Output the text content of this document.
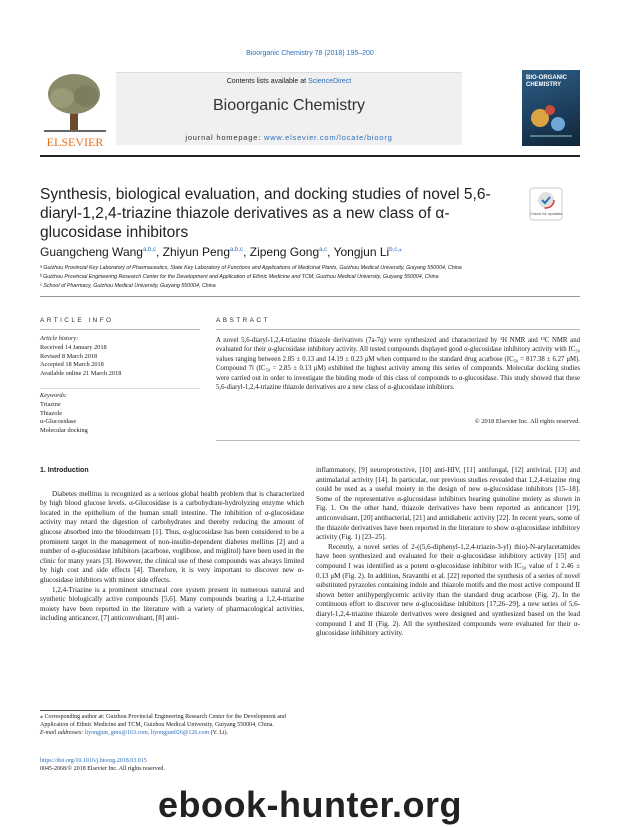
Bioorganic Chemistry 78 (2018) 195–200
ELSEVIER
Contents lists available at ScienceDirect
Bioorganic Chemistry
journal homepage: www.elsevier.com/locate/bioorg
BIO-ORGANIC CHEMISTRY
Synthesis, biological evaluation, and docking studies of novel 5,6-diaryl-1,2,4-triazine thiazole derivatives as a new class of α-glucosidase inhibitors
Check for updates
Guangcheng Wang$^{a,b,c}$, Zhiyun Peng$^{a,b,c}$, Zipeng Gong$^{a,c}$, Yongjun $Li^{b,c,⁎}$
ᵃ Guizhou Provincial Key Laboratory of Pharmaceutics, State Key Laboratory of Functions and Applications of Medicinal Plants, Guizhou Medical University, Guiyang 550004, China
ᵇ Guizhou Provincial Engineering Research Center for the Development and Application of Ethnic Medicine and TCM, Guizhou Medical University, Guiyang 550004, China
ᶜ School of Pharmacy, Guizhou Medical University, Guiyang 550004, China
ARTICLE INFO	ABSTRACT
Article history:
Received 14 January 2018
Revised 8 March 2018
Accepted 18 March 2018
Available online 21 March 2018
Keywords:
Triazine
Thiazole
α-Glucosidase
Molecular docking
A novel 5,6-diaryl-1,2,4-triazine thiazole derivatives (7a-7q) were synthesized and characterized by ¹H NMR and ¹³C NMR and evaluated for their α-glucosidase inhibitory activity. All tested compounds displayed good α-glucosidase inhibitory activity with IC₅₀ values ranging between 2.85 ± 0.13 and 14.19 ± 0.23 μM when compared to the standard drug acarbose (IC₅₀ = 817.38 ± 6.27 μM). Compound 7i (IC₅₀ = 2.85 ± 0.13 μM) exhibited the highest activity among this series of compounds. Molecular docking studies were carried out in order to investigate the binding mode of this class of compounds to α-glucosidase. This study showed that these 5,6-diaryl-1,2,4-triazine thiazole derivatives are a new class of α-glucosidase inhibitors.
© 2018 Elsevier Inc. All rights reserved.
1. Introduction

Diabetes mellitus is recognized as a serious global health problem that is characterized by high blood glucose levels. α-Glucosidase is a carbohydrate-hydrolyzing enzyme which located in the epithelium of the human small intestine. The inhibition of α-glucosidase activity may retard the digestion of carbohydrates and thereby reducing the amount of glucose absorbed into the bloodstream [1]. Thus, α-glucosidase has been considered to be a prominent target in the management of non-insulin-dependent diabetes mellitus [2] and a number of α-glucosidase inhibitors (acarbose, voglibose, and miglitol) have been used in the clinic for many years [3]. However, the clinical use of these compounds was always limited by high cost and side effects [4]. Therefore, it is very important to discover new α-glucosidase inhibitors with minor side effects.

1,2,4-Triazine is a prominent structural core system present in numerous natural and synthetic biologically active compounds [5,6]. Many compounds bearing a 1,2,4-triazine moiety have been reported in the literature with a variety of pharmacological activities, including anticancer, [7] anticonvulsant, [8] anti-

inflammatory, [9] neuroprotective, [10] anti-HIV, [11] antifungal, [12] antiviral, [13] and antimalarial activity [14]. In particular, our previous studies revealed that 1,2,4-triazine ring could be used as a useful moiety in the design of new α-glucosidase inhibitors [15–18]. Some of the representative α-glucosidase inhibitors bearing quinoline moiety as shown in Fig. 1. On the other hand, thiazole derivatives have been reported as anticancer [19], anticonvulsant, [20] antibacterial, [21] and antidiabetic activity [22]. In recent years, some of the thiazole derivatives have been reported in the literature to show α-glucosidase inhibitory activity (Fig. 1) [23–25].

Recently, a novel series of 2-((5,6-diphenyl-1,2,4-triazin-3-yl) thio)-N-arylacetamides have been synthesized and evaluated for their α-glucosidase inhibitory activity [15] and compound I was identified as a potent α-glucosidase inhibitor with IC₅₀ value of 1 2.46 ± 0.13 μM (Fig. 2). In addition, Sravanthi et al. [22] reported the synthesis of a series of novel substituted pyrazoles containing indole and thiazole motifs and the most active compound II shown better antihyperglycemic activity than the standard drug acarbose (Fig. 2). In the continuous effort to discover new α-glucosidase inhibitors [17,26–29], a new series of 5,6-diaryl-1,2,4-triazine thiazole derivatives were designed and synthesized based on the lead compound I and II (Fig. 2). All the synthesized compounds were evaluated for their α-glucosidase inhibitory activity.

⁎ Corresponding author at: Guizhou Provincial Engineering Research Center for the Development and Application of Ethnic Medicine and TCM, Guizhou Medical University, Guiyang 550004, China.
E-mail addresses: liyongjun_gmu@163.com, liyongjun026@126.com (Y. Li).
https://doi.org/10.1016/j.bioorg.2018.03.015
0045-2068/© 2018 Elsevier Inc. All rights reserved.
ebook-hunter.org
